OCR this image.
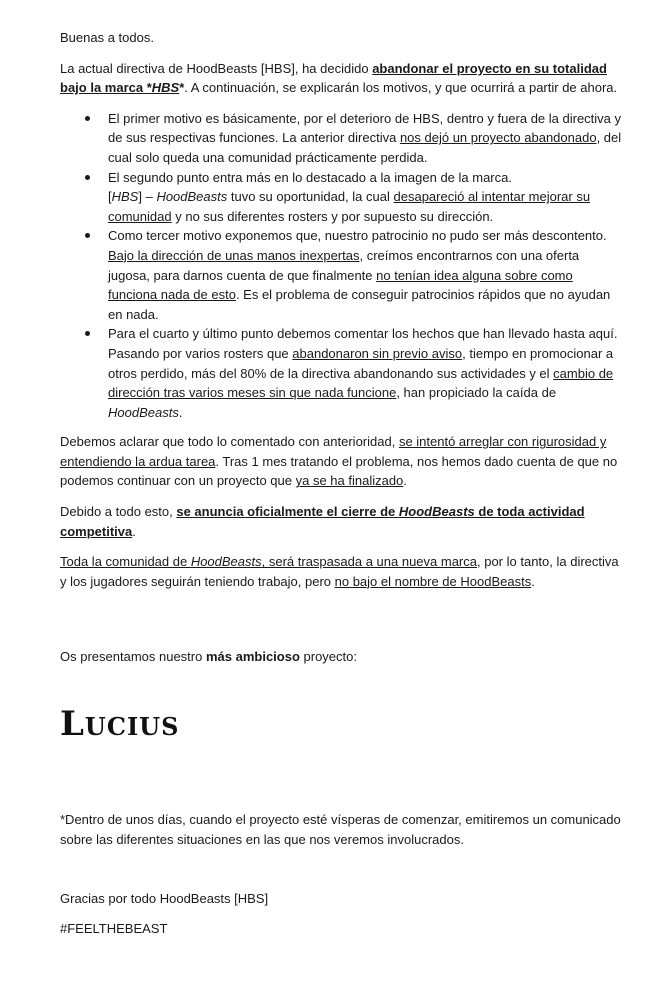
Buenas a todos.

La actual directiva de HoodBeasts [HBS], ha decidido abandonar el proyecto en su totalidad bajo la marca *HBS*. A continuación, se explicarán los motivos, y que ocurrirá a partir de ahora.

El primer motivo es básicamente, por el deterioro de HBS, dentro y fuera de la directiva y de sus respectivas funciones. La anterior directiva nos dejó un proyecto abandonado, del cual solo queda una comunidad prácticamente perdida.
El segundo punto entra más en lo destacado a la imagen de la marca.
[HBS] – HoodBeasts tuvo su oportunidad, la cual desapareció al intentar mejorar su comunidad y no sus diferentes rosters y por supuesto su dirección.
Como tercer motivo exponemos que, nuestro patrocinio no pudo ser más descontento. Bajo la dirección de unas manos inexpertas, creímos encontrarnos con una oferta jugosa, para darnos cuenta de que finalmente no tenían idea alguna sobre como funciona nada de esto. Es el problema de conseguir patrocinios rápidos que no ayudan en nada.
Para el cuarto y último punto debemos comentar los hechos que han llevado hasta aquí. Pasando por varios rosters que abandonaron sin previo aviso, tiempo en promocionar a otros perdido, más del 80% de la directiva abandonando sus actividades y el cambio de dirección tras varios meses sin que nada funcione, han propiciado la caída de HoodBeasts.

Debemos aclarar que todo lo comentado con anterioridad, se intentó arreglar con rigurosidad y entendiendo la ardua tarea. Tras 1 mes tratando el problema, nos hemos dado cuenta de que no podemos continuar con un proyecto que ya se ha finalizado.

Debido a todo esto, se anuncia oficialmente el cierre de HoodBeasts de toda actividad competitiva.

Toda la comunidad de HoodBeasts, será traspasada a una nueva marca, por lo tanto, la directiva y los jugadores seguirán teniendo trabajo, pero no bajo el nombre de HoodBeasts.

Os presentamos nuestro más ambicioso proyecto:

LUCIUS

*Dentro de unos días, cuando el proyecto esté vísperas de comenzar, emitiremos un comunicado sobre las diferentes situaciones en las que nos veremos involucrados.

Gracias por todo HoodBeasts [HBS]

#FEELTHEBEAST
